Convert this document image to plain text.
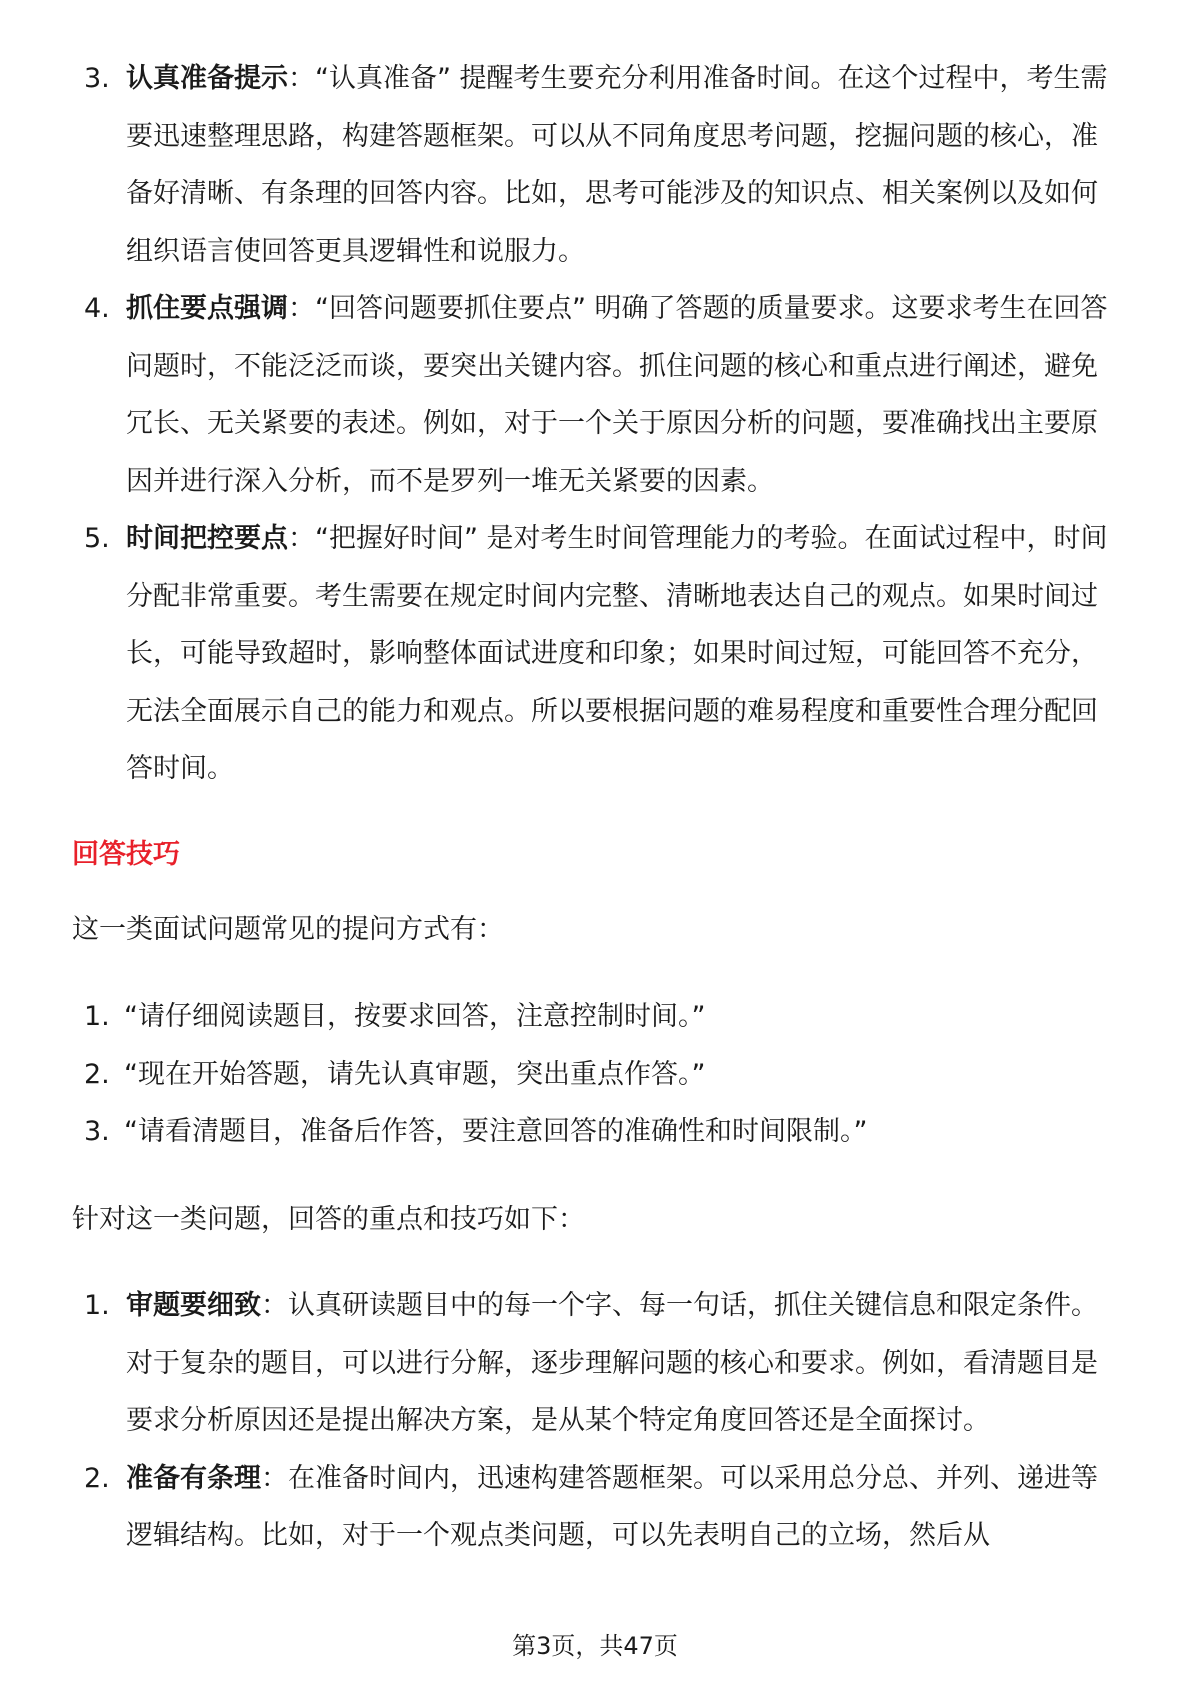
3. 认真准备提示：“认真准备” 提醒考生要充分利用准备时间。在这个过程中，考生需要迅速整理思路，构建答题框架。可以从不同角度思考问题，挖掘问题的核心，准备好清晰、有条理的回答内容。比如，思考可能涉及的知识点、相关案例以及如何组织语言使回答更具逻辑性和说服力。
4. 抓住要点强调：“回答问题要抓住要点” 明确了答题的质量要求。这要求考生在回答问题时，不能泛泛而谈，要突出关键内容。抓住问题的核心和重点进行阐述，避免冗长、无关紧要的表述。例如，对于一个关于原因分析的问题，要准确找出主要原因并进行深入分析，而不是罗列一堆无关紧要的因素。
5. 时间把控要点：“把握好时间” 是对考生时间管理能力的考验。在面试过程中，时间分配非常重要。考生需要在规定时间内完整、清晰地表达自己的观点。如果时间过长，可能导致超时，影响整体面试进度和印象；如果时间过短，可能回答不充分，无法全面展示自己的能力和观点。所以要根据问题的难易程度和重要性合理分配回答时间。
回答技巧
这一类面试问题常见的提问方式有：
1. “请仔细阅读题目，按要求回答，注意控制时间。”
2. “现在开始答题，请先认真审题，突出重点作答。”
3. “请看清题目，准备后作答，要注意回答的准确性和时间限制。”
针对这一类问题，回答的重点和技巧如下：
1. 审题要细致：认真研读题目中的每一个字、每一句话，抓住关键信息和限定条件。对于复杂的题目，可以进行分解，逐步理解问题的核心和要求。例如，看清题目是要求分析原因还是提出解决方案，是从某个特定角度回答还是全面探讨。
2. 准备有条理：在准备时间内，迅速构建答题框架。可以采用总分总、并列、递进等逻辑结构。比如，对于一个观点类问题，可以先表明自己的立场，然后从
第3页，共47页
